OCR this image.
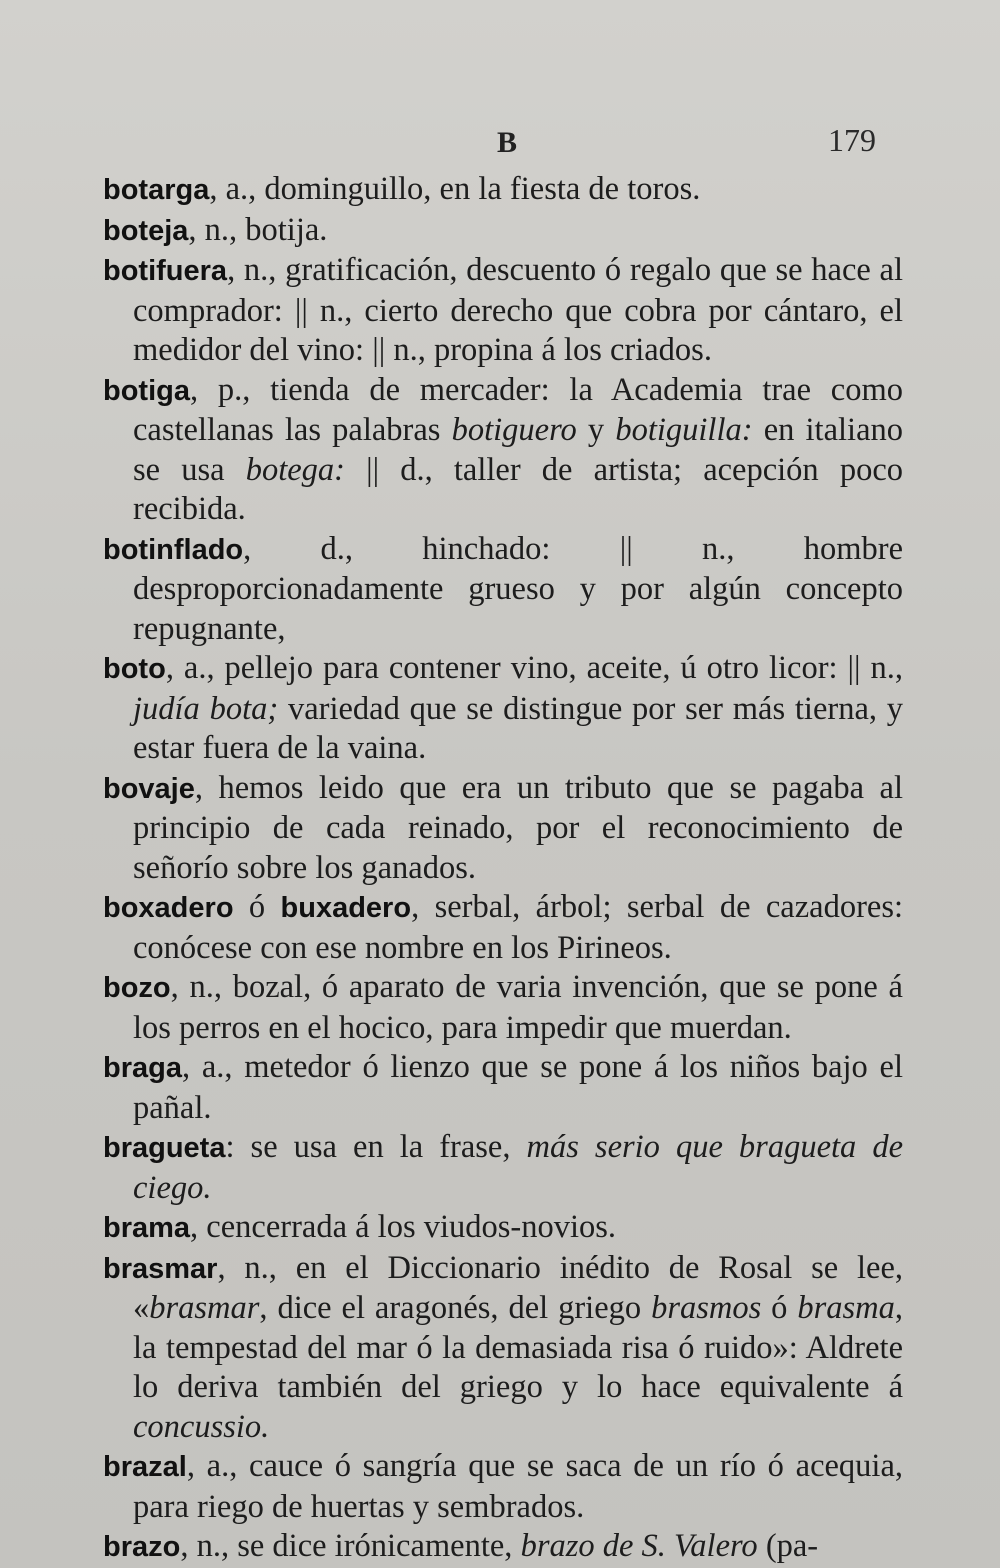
B	179

botarga, a., dominguillo, en la fiesta de toros.

boteja, n., botija.

botifuera, n., gratificación, descuento ó regalo que se hace al comprador: || n., cierto derecho que cobra por cántaro, el medidor del vino: || n., propina á los criados.

botiga, p., tienda de mercader: la Academia trae como castellanas las palabras botiguero y botiguilla: en italiano se usa botega: || d., taller de artista; acepción poco recibida.

botinflado, d., hinchado: || n., hombre desproporcionadamente grueso y por algún concepto repugnante,

boto, a., pellejo para contener vino, aceite, ú otro licor: || n., judía bota; variedad que se distingue por ser más tierna, y estar fuera de la vaina.

bovaje, hemos leido que era un tributo que se pagaba al principio de cada reinado, por el reconocimiento de señorío sobre los ganados.

boxadero ó buxadero, serbal, árbol; serbal de cazadores: conócese con ese nombre en los Pirineos.

bozo, n., bozal, ó aparato de varia invención, que se pone á los perros en el hocico, para impedir que muerdan.

braga, a., metedor ó lienzo que se pone á los niños bajo el pañal.

bragueta: se usa en la frase, más serio que bragueta de ciego.

brama, cencerrada á los viudos-novios.

brasmar, n., en el Diccionario inédito de Rosal se lee, «brasmar, dice el aragonés, del griego brasmos ó brasma, la tempestad del mar ó la demasiada risa ó ruido»: Aldrete lo deriva también del griego y lo hace equivalente á concussio.

brazal, a., cauce ó sangría que se saca de un río ó acequia, para riego de huertas y sembrados.

brazo, n., se dice irónicamente, brazo de S. Valero (pa-
